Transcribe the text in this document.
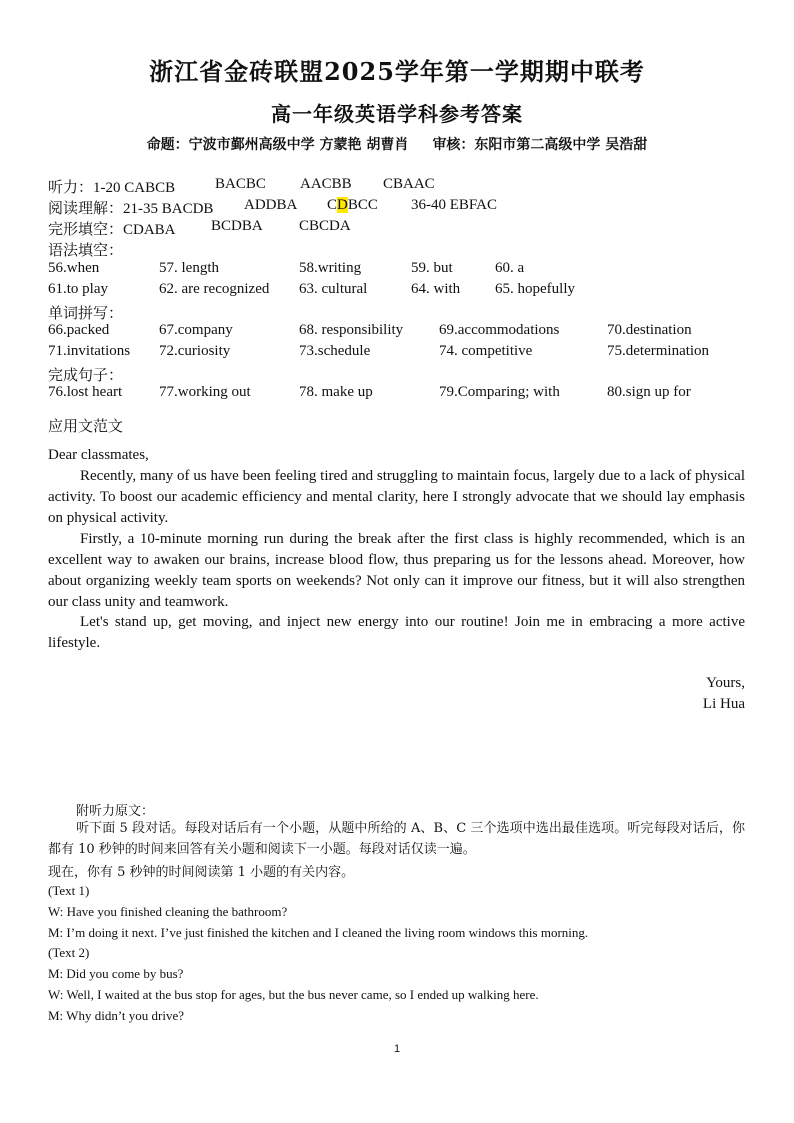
浙江省金砖联盟2025学年第一学期期中联考
高一年级英语学科参考答案
命题：宁波市鄞州高级中学 方蒙艳 胡曹肖 审核：东阳市第二高级中学 吴浩甜
听力：1-20 CABCB	BACBC AACBB CBAAC
阅读理解：21-35 BACDB ADDBA CDBCC 36-40 EBFAC
完形填空：CDABA BCDBA CBCDA
语法填空：
56.when	57. length	58.writing	59. but	60. a
61.to play	62. are recognized 63. cultural	64. with 65. hopefully
单词拼写：
66.packed	67.company	68. responsibility 69.accommodations	70.destination
71.invitations 72.curiosity	73.schedule	74. competitive	75.determination
完成句子：
76.lost heart 77.working out	78. make up	79.Comparing; with	80.sign up for
应用文范文
Dear classmates,
Recently, many of us have been feeling tired and struggling to maintain focus, largely due to a lack of physical activity. To boost our academic efficiency and mental clarity, here I strongly advocate that we should lay emphasis on physical activity.
Firstly, a 10-minute morning run during the break after the first class is highly recommended, which is an excellent way to awaken our brains, increase blood flow, thus preparing us for the lessons ahead. Moreover, how about organizing weekly team sports on weekends? Not only can it improve our fitness, but it will also strengthen our class unity and teamwork.
Let's stand up, get moving, and inject new energy into our routine! Join me in embracing a more active lifestyle.
Yours,
Li Hua
附听力原文：
听下面 5 段对话。每段对话后有一个小题，从题中所给的 A、B、C 三个选项中选出最佳选项。听完每段对话后，你都有 10 秒钟的时间来回答有关小题和阅读下一小题。每段对话仅读一遍。
现在，你有 5 秒钟的时间阅读第 1 小题的有关内容。
(Text 1)
W: Have you finished cleaning the bathroom?
M: I’m doing it next. I’ve just finished the kitchen and I cleaned the living room windows this morning.
(Text 2)
M: Did you come by bus?
W: Well, I waited at the bus stop for ages, but the bus never came, so I ended up walking here.
M: Why didn’t you drive?
1
